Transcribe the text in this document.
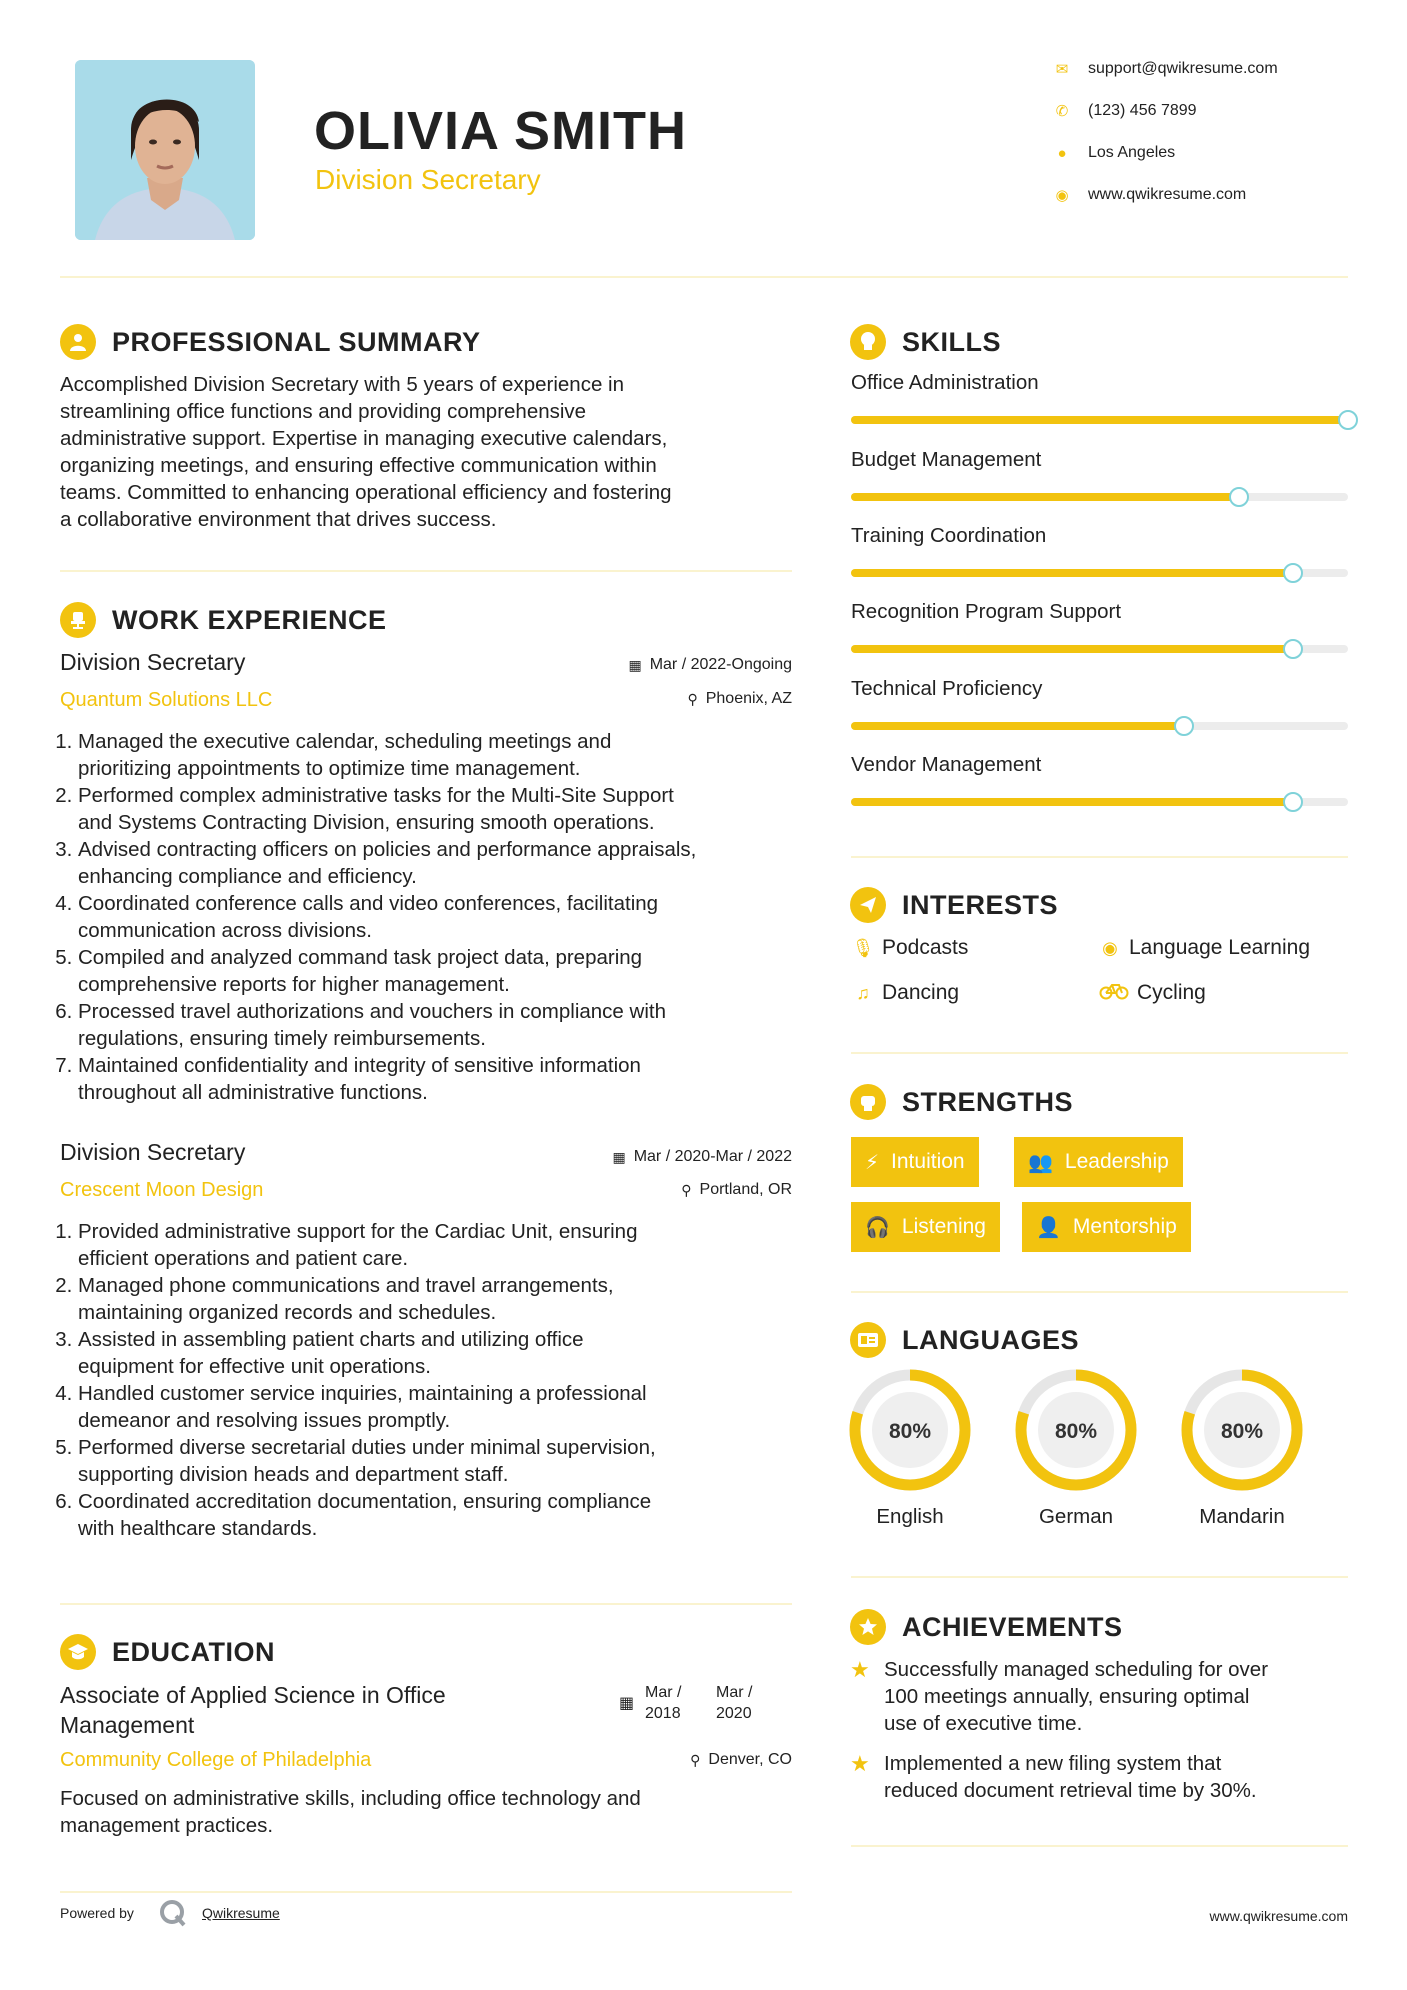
OLIVIA SMITH
Division Secretary
✉	support@qwikresume.com
✆	(123) 456 7899
●	Los Angeles
◉	www.qwikresume.com
PROFESSIONAL SUMMARY
Accomplished Division Secretary with 5 years of experience in
streamlining office functions and providing comprehensive
administrative support. Expertise in managing executive calendars,
organizing meetings, and ensuring effective communication within
teams. Committed to enhancing operational efficiency and fostering
a collaborative environment that drives success.
WORK EXPERIENCE
Division Secretary
Quantum Solutions LLC
▦ Mar / 2022-Ongoing
⚲ Phoenix, AZ
1. Managed the executive calendar, scheduling meetings and
prioritizing appointments to optimize time management.
2. Performed complex administrative tasks for the Multi-Site Support
and Systems Contracting Division, ensuring smooth operations.
3. Advised contracting officers on policies and performance appraisals,
enhancing compliance and efficiency.
4. Coordinated conference calls and video conferences, facilitating
communication across divisions.
5. Compiled and analyzed command task project data, preparing
comprehensive reports for higher management.
6. Processed travel authorizations and vouchers in compliance with
regulations, ensuring timely reimbursements.
7. Maintained confidentiality and integrity of sensitive information
throughout all administrative functions.
Division Secretary
Crescent Moon Design
▦ Mar / 2020-Mar / 2022
⚲ Portland, OR
1. Provided administrative support for the Cardiac Unit, ensuring
efficient operations and patient care.
2. Managed phone communications and travel arrangements,
maintaining organized records and schedules.
3. Assisted in assembling patient charts and utilizing office
equipment for effective unit operations.
4. Handled customer service inquiries, maintaining a professional
demeanor and resolving issues promptly.
5. Performed diverse secretarial duties under minimal supervision,
supporting division heads and department staff.
6. Coordinated accreditation documentation, ensuring compliance
with healthcare standards.
EDUCATION
Associate of Applied Science in Office
Management
▦
Mar /
2018
Mar /
2020
Community College of Philadelphia	⚲ Denver, CO
Focused on administrative skills, including office technology and
management practices.
Powered by	Qwikresume	www.qwikresume.com
SKILLS
Office Administration
Budget Management
Training Coordination
Recognition Program Support
Technical Proficiency
Vendor Management
INTERESTS
🎙 Podcasts	◉ Language Learning
♫ Dancing	Cycling
STRENGTHS
⚡ Intuition	👥 Leadership
🎧 Listening	👤 Mentorship
LANGUAGES
80%	80%	80%
English	German	Mandarin
ACHIEVEMENTS
★ Successfully managed scheduling for over
100 meetings annually, ensuring optimal
use of executive time.
★ Implemented a new filing system that
reduced document retrieval time by 30%.
